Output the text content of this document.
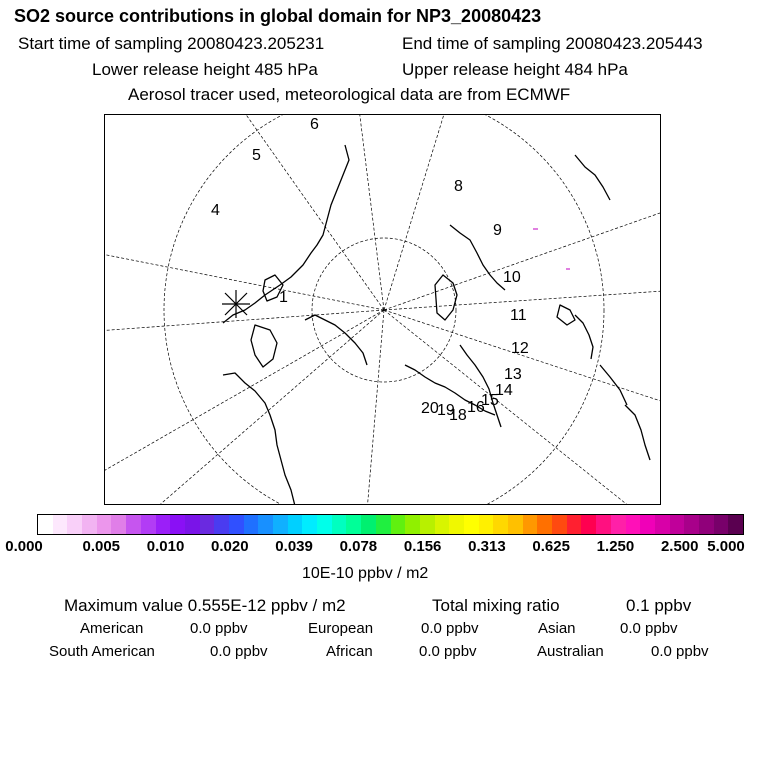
SO2 source contributions in global domain for NP3_20080423
Start time of sampling 20080423.205231	End time of sampling 20080423.205443
Lower release height 485 hPa	Upper release height 484 hPa
Aerosol tracer used, meteorological data are from ECMWF
1
4
5
6
8
9
10
11
12
13
14
15
16
18
19
20
0.000	0.005 0.010 0.020 0.039 0.078 0.156 0.313 0.625 1.250 2.500 5.000
10E-10 ppbv / m2
Maximum value 0.555E-12 ppbv / m2	Total mixing ratio	0.1 ppbv
American	0.0 ppbv	European	0.0 ppbv	Asian	0.0 ppbv
South American	0.0 ppbv	African	0.0 ppbv	Australian	0.0 ppbv
